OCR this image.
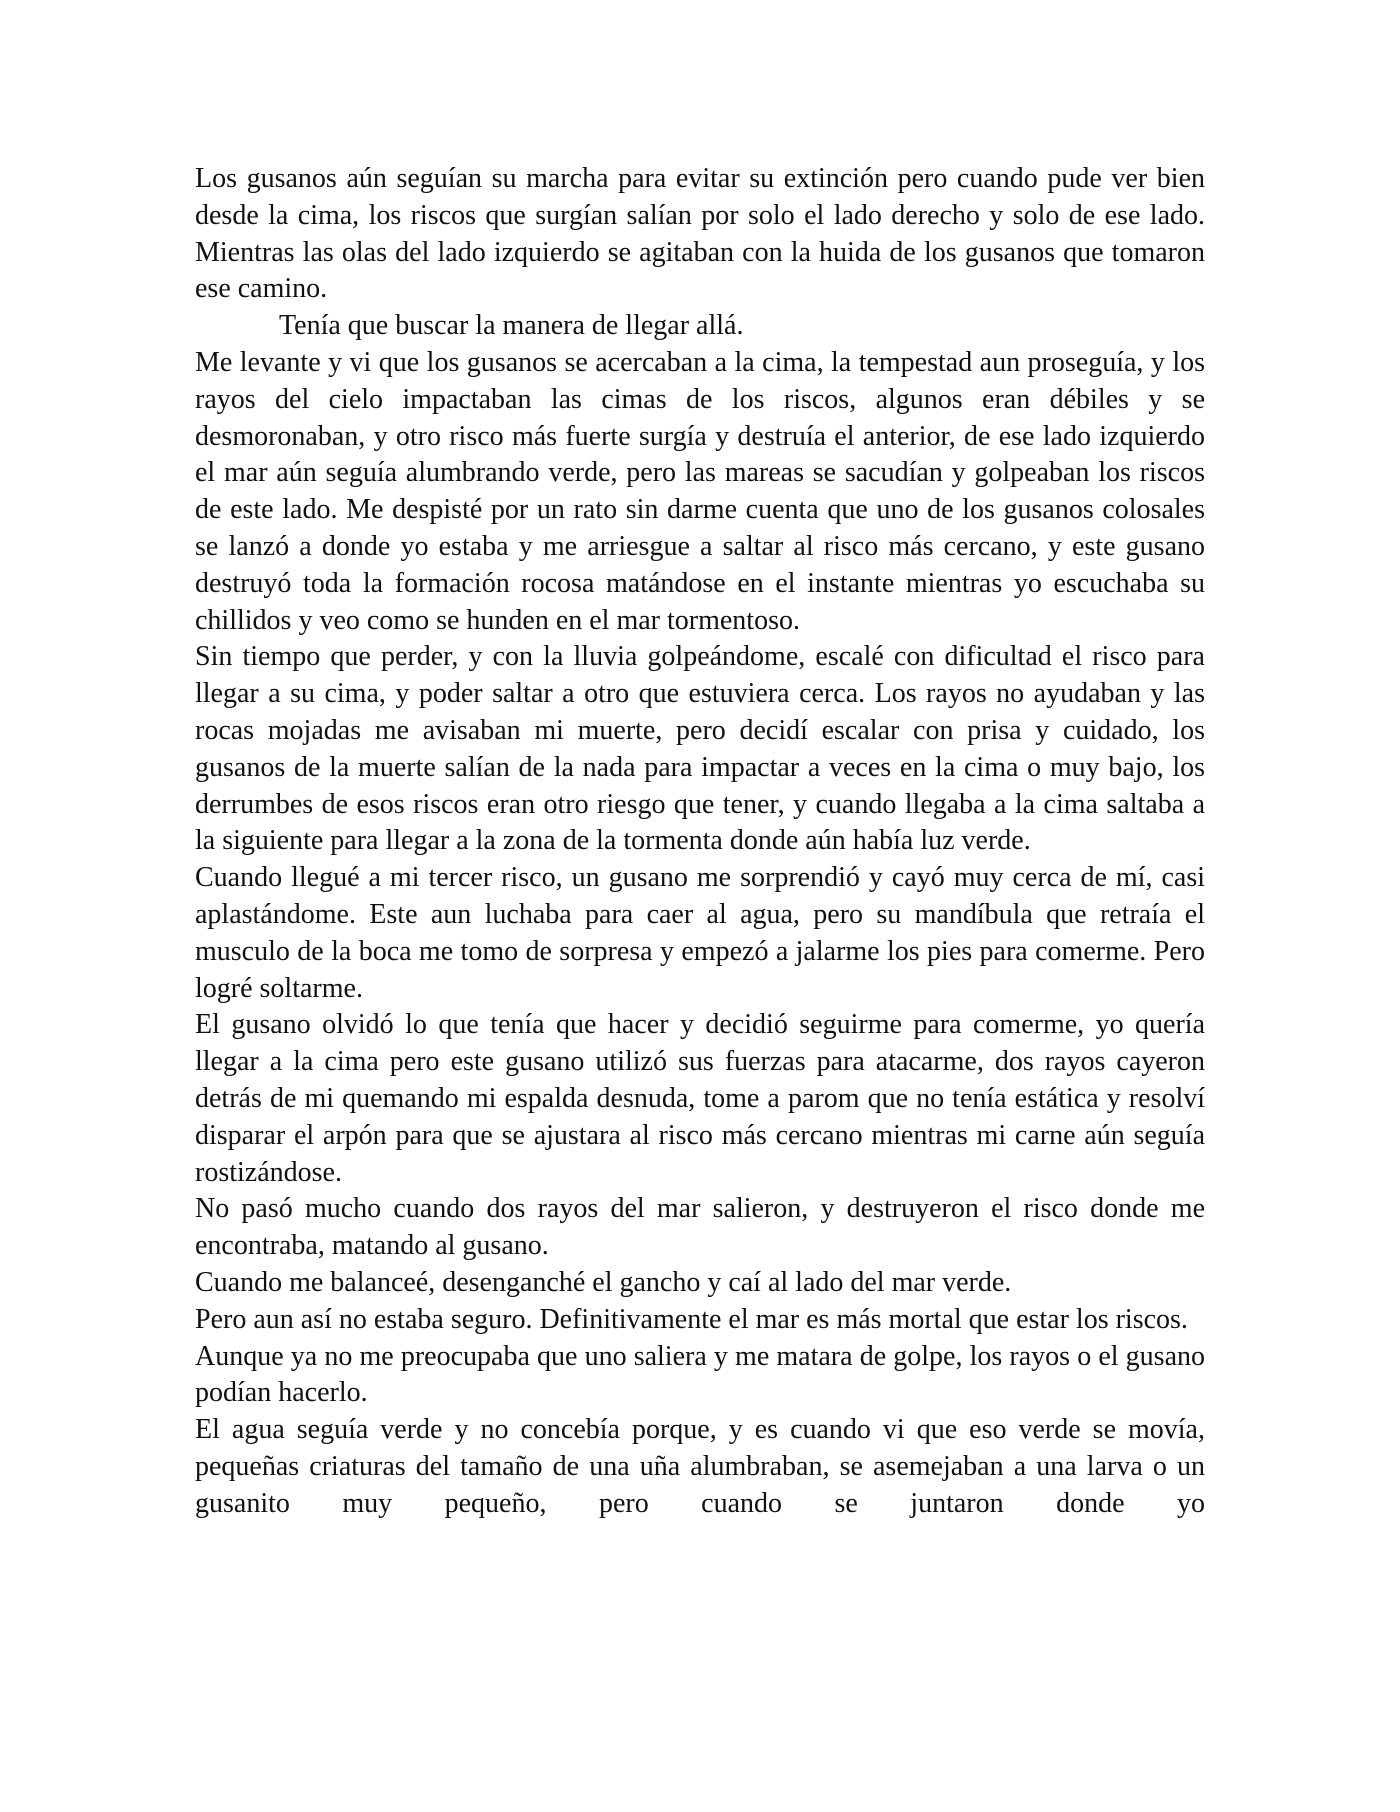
Los gusanos aún seguían su marcha para evitar su extinción pero cuando pude ver bien desde la cima, los riscos que surgían salían por solo el lado derecho y solo de ese lado. Mientras las olas del lado izquierdo se agitaban con la huida de los gusanos que tomaron ese camino.

Tenía que buscar la manera de llegar allá.

Me levante y vi que los gusanos se acercaban a la cima, la tempestad aun proseguía, y los rayos del cielo impactaban las cimas de los riscos, algunos eran débiles y se desmoronaban, y otro risco más fuerte surgía y destruía el anterior, de ese lado izquierdo el mar aún seguía alumbrando verde, pero las mareas se sacudían y golpeaban los riscos de este lado. Me despisté por un rato sin darme cuenta que uno de los gusanos colosales se lanzó a donde yo estaba y me arriesgue a saltar al risco más cercano, y este gusano destruyó toda la formación rocosa matándose en el instante mientras yo escuchaba su chillidos y veo como se hunden en el mar tormentoso.

Sin tiempo que perder, y con la lluvia golpeándome, escalé con dificultad el risco para llegar a su cima, y poder saltar a otro que estuviera cerca. Los rayos no ayudaban y las rocas mojadas me avisaban mi muerte, pero decidí escalar con prisa y cuidado, los gusanos de la muerte salían de la nada para impactar a veces en la cima o muy bajo, los derrumbes de esos riscos eran otro riesgo que tener, y cuando llegaba a la cima saltaba a la siguiente para llegar a la zona de la tormenta donde aún había luz verde.

Cuando llegué a mi tercer risco, un gusano me sorprendió y cayó muy cerca de mí, casi aplastándome. Este aun luchaba para caer al agua, pero su mandíbula que retraía el musculo de la boca me tomo de sorpresa y empezó a jalarme los pies para comerme. Pero logré soltarme.

El gusano olvidó lo que tenía que hacer y decidió seguirme para comerme, yo quería llegar a la cima pero este gusano utilizó sus fuerzas para atacarme, dos rayos cayeron detrás de mi quemando mi espalda desnuda, tome a parom que no tenía estática y resolví disparar el arpón para que se ajustara al risco más cercano mientras mi carne aún seguía rostizándose.

No pasó mucho cuando dos rayos del mar salieron, y destruyeron el risco donde me encontraba, matando al gusano.

Cuando me balanceé, desenganché el gancho y caí al lado del mar verde.

Pero aun así no estaba seguro. Definitivamente el mar es más mortal que estar los riscos.

Aunque ya no me preocupaba que uno saliera y me matara de golpe, los rayos o el gusano podían hacerlo.

El agua seguía verde y no concebía porque, y es cuando vi que eso verde se movía, pequeñas criaturas del tamaño de una uña alumbraban, se asemejaban a una larva o un gusanito muy pequeño, pero cuando se juntaron donde yo
